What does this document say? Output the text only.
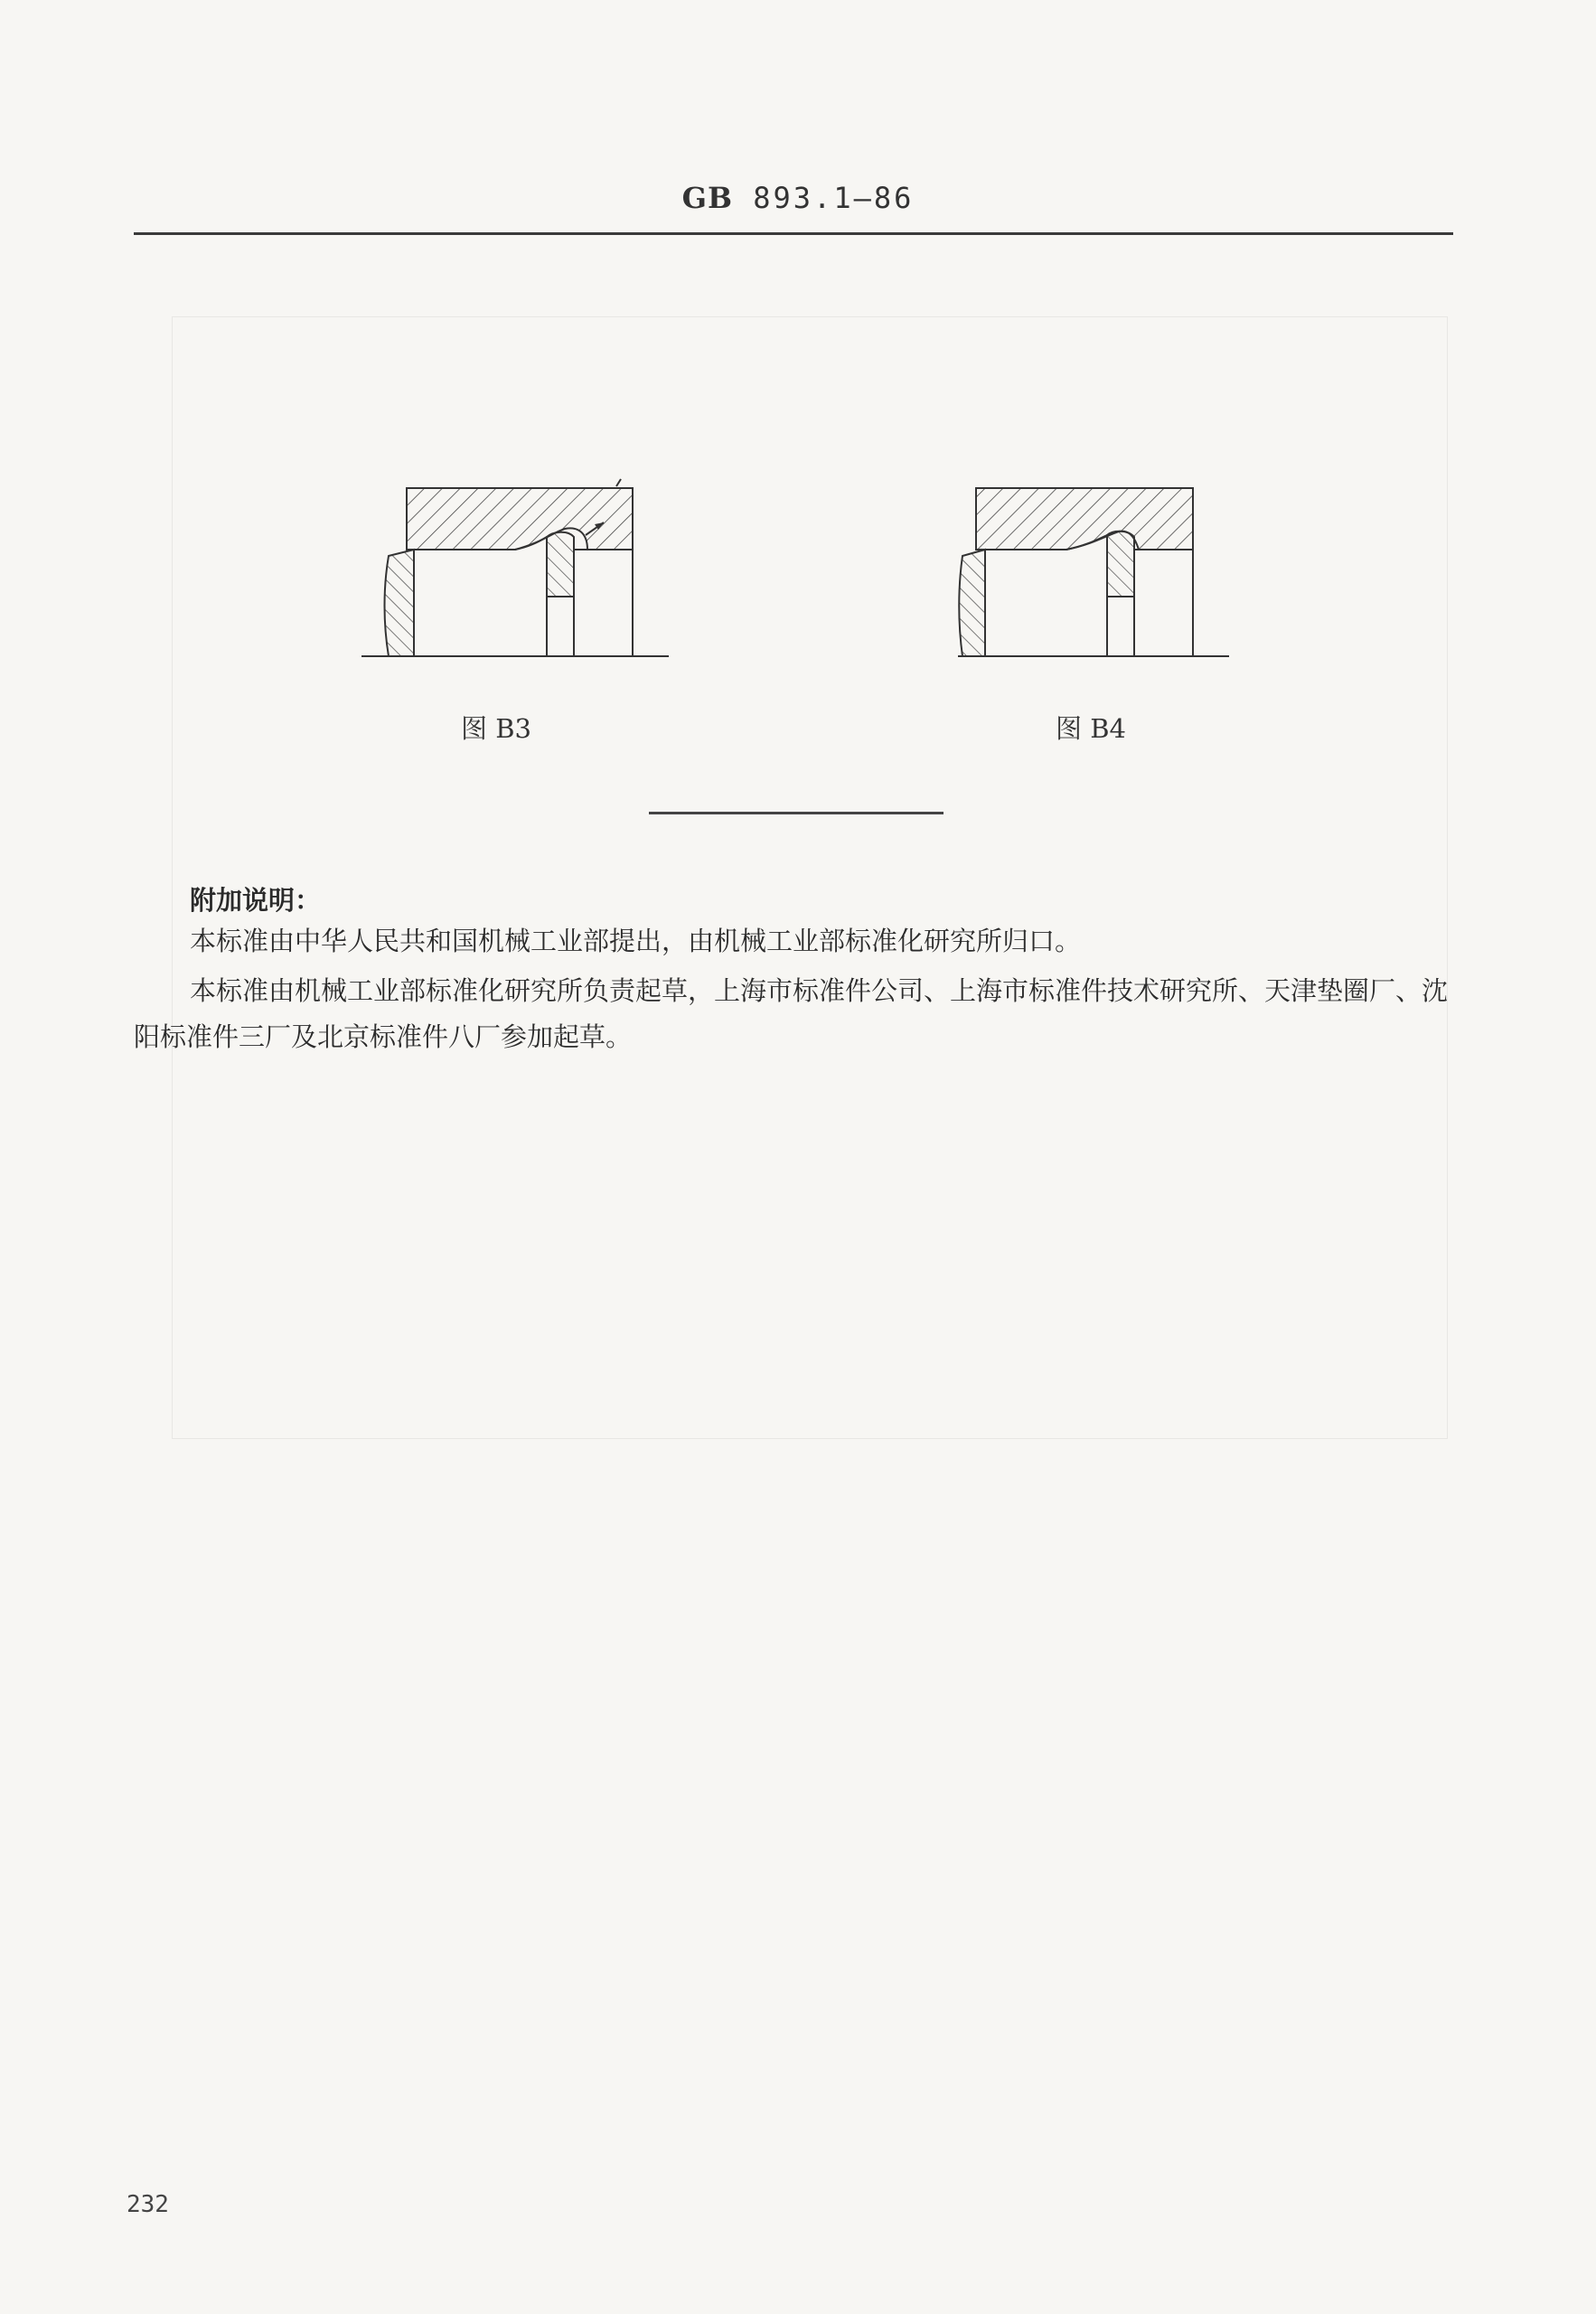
GB 893.1—86
图 B3	图 B4
附加说明：
本标准由中华人民共和国机械工业部提出，由机械工业部标准化研究所归口。
本标准由机械工业部标准化研究所负责起草，上海市标准件公司、上海市标准件技术研究所、天津垫圈厂、沈阳标准件三厂及北京标准件八厂参加起草。
232
